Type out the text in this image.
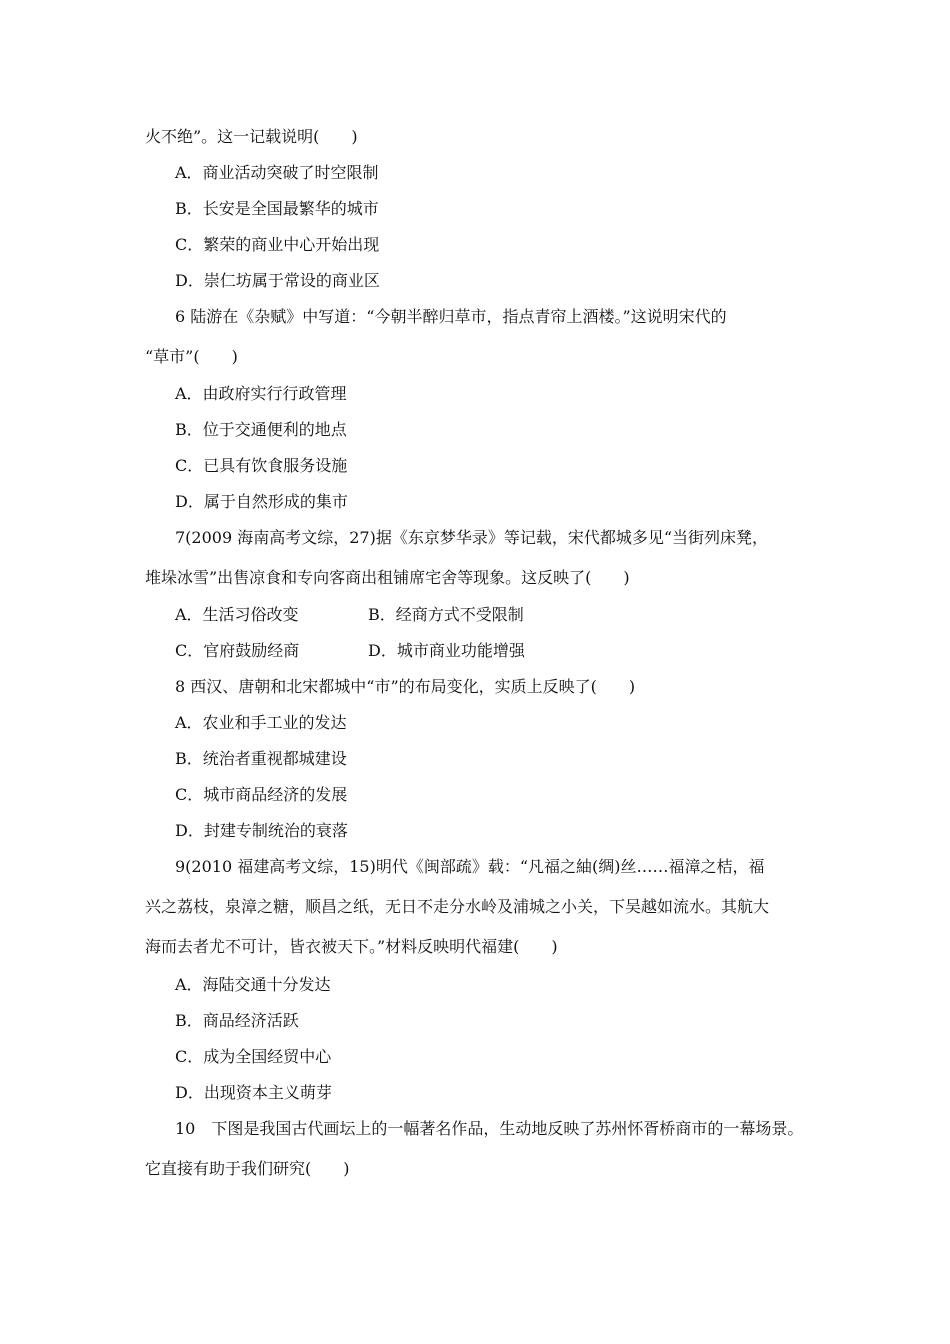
火不绝”。这一记载说明(　　)
A．商业活动突破了时空限制
B．长安是全国最繁华的城市
C．繁荣的商业中心开始出现
D．崇仁坊属于常设的商业区
6 陆游在《杂赋》中写道：“今朝半醉归草市，指点青帘上酒楼。”这说明宋代的
“草市”(　　)
A．由政府实行行政管理
B．位于交通便利的地点
C．已具有饮食服务设施
D．属于自然形成的集市
7(2009 海南高考文综，27)据《东京梦华录》等记载，宋代都城多见“当街列床凳，
堆垛冰雪”出售凉食和专向客商出租铺席宅舍等现象。这反映了(　　)
A．生活习俗改变	B．经商方式不受限制
C．官府鼓励经商	D．城市商业功能增强
8 西汉、唐朝和北宋都城中“市”的布局变化，实质上反映了(　　)
A．农业和手工业的发达
B．统治者重视都城建设
C．城市商品经济的发展
D．封建专制统治的衰落
9(2010 福建高考文综，15)明代《闽部疏》载：“凡福之紬(绸)丝……福漳之桔，福
兴之荔枝，泉漳之糖，顺昌之纸，无日不走分水岭及浦城之小关，下吴越如流水。其航大
海而去者尤不可计，皆衣被天下。”材料反映明代福建(　　)
A．海陆交通十分发达
B．商品经济活跃
C．成为全国经贸中心
D．出现资本主义萌芽
10　下图是我国古代画坛上的一幅著名作品，生动地反映了苏州怀胥桥商市的一幕场景。
它直接有助于我们研究(　　)
